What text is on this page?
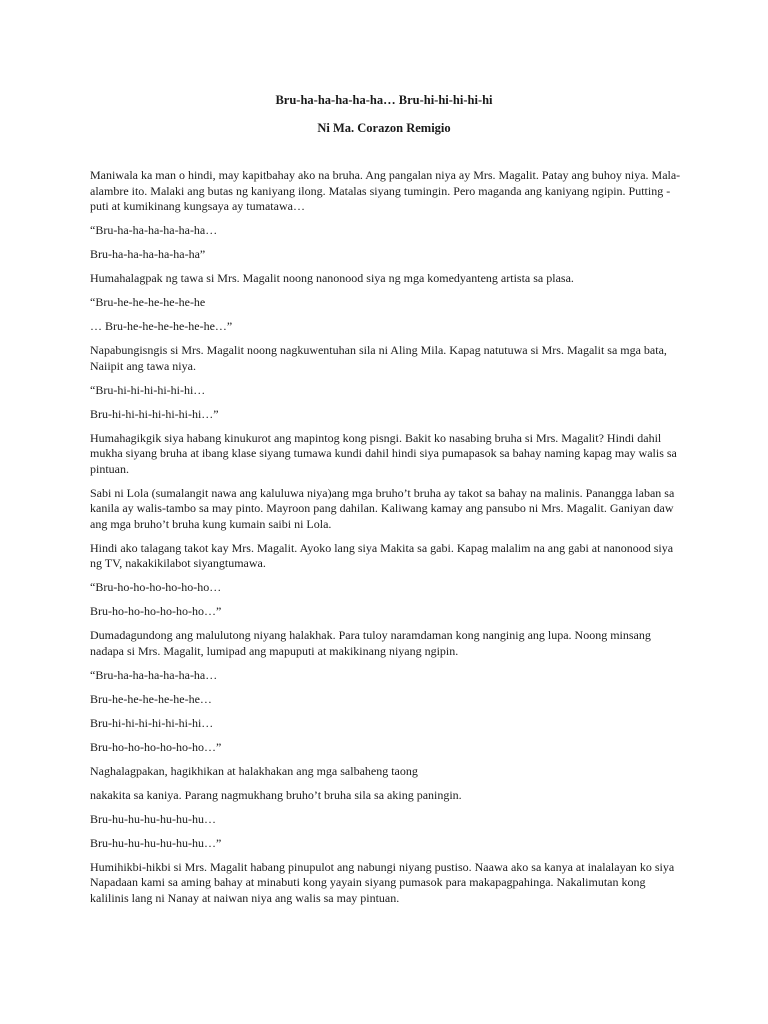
Bru-ha-ha-ha-ha-ha… Bru-hi-hi-hi-hi-hi
Ni Ma. Corazon Remigio

Maniwala ka man o hindi, may kapitbahay ako na bruha. Ang pangalan niya ay Mrs. Magalit. Patay ang buhoy niya. Mala-alambre ito. Malaki ang butas ng kaniyang ilong. Matalas siyang tumingin. Pero maganda ang kaniyang ngipin. Putting - puti at kumikinang kungsaya ay tumatawa…

“Bru-ha-ha-ha-ha-ha-ha…

Bru-ha-ha-ha-ha-ha-ha”

Humahalagpak ng tawa si Mrs. Magalit noong nanonood siya ng mga komedyanteng artista sa plasa.

“Bru-he-he-he-he-he-he

… Bru-he-he-he-he-he-he…”

Napabungisngis si Mrs. Magalit noong nagkuwentuhan sila ni Aling Mila. Kapag natutuwa si Mrs. Magalit sa mga bata, Naiipit ang tawa niya.

“Bru-hi-hi-hi-hi-hi-hi…

Bru-hi-hi-hi-hi-hi-hi-hi…”

Humahagikgik siya habang kinukurot ang mapintog kong pisngi. Bakit ko nasabing bruha si Mrs. Magalit? Hindi dahil mukha siyang bruha at ibang klase siyang tumawa kundi dahil hindi siya pumapasok sa bahay naming kapag may walis sa pintuan.

Sabi ni Lola (sumalangit nawa ang kaluluwa niya)ang mga bruho’t bruha ay takot sa bahay na malinis. Panangga laban sa kanila ay walis-tambo sa may pinto. Mayroon pang dahilan. Kaliwang kamay ang pansubo ni Mrs. Magalit. Ganiyan daw ang mga bruho’t bruha kung kumain saibi ni Lola.

Hindi ako talagang takot kay Mrs. Magalit. Ayoko lang siya Makita sa gabi. Kapag malalim na ang gabi at nanonood siya ng TV, nakakikilabot siyangtumawa.

“Bru-ho-ho-ho-ho-ho-ho…

Bru-ho-ho-ho-ho-ho-ho…”

Dumadagundong ang malulutong niyang halakhak. Para tuloy naramdaman kong nanginig ang lupa. Noong minsang nadapa si Mrs. Magalit, lumipad ang mapuputi at makikinang niyang ngipin.

“Bru-ha-ha-ha-ha-ha-ha…

Bru-he-he-he-he-he-he…

Bru-hi-hi-hi-hi-hi-hi-hi…

Bru-ho-ho-ho-ho-ho-ho…”

Naghalagpakan, hagikhikan at halakhakan ang mga salbaheng taong

nakakita sa kaniya. Parang nagmukhang bruho’t bruha sila sa aking paningin.

Bru-hu-hu-hu-hu-hu-hu…

Bru-hu-hu-hu-hu-hu-hu…”

Humihikbi-hikbi si Mrs. Magalit habang pinupulot ang nabungi niyang pustiso. Naawa ako sa kanya at inalalayan ko siya Napadaan kami sa aming bahay at minabuti kong yayain siyang pumasok para makapagpahinga. Nakalimutan kong kalilinis lang ni Nanay at naiwan niya ang walis sa may pintuan.
